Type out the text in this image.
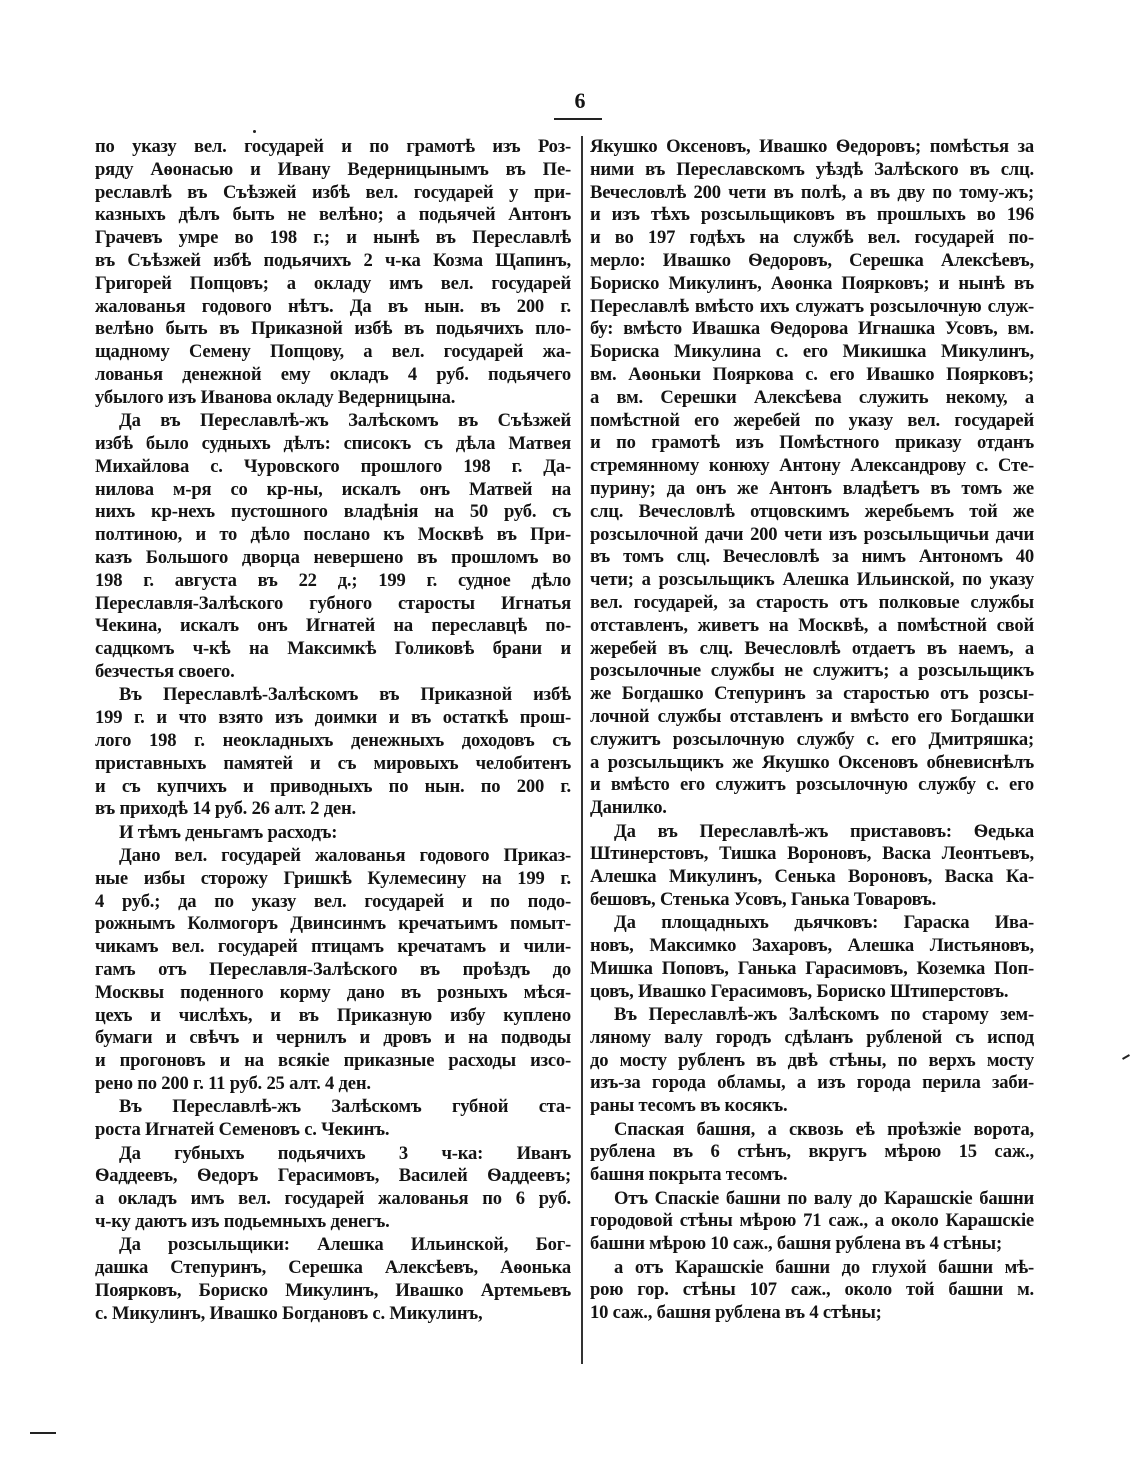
6
по указу вел. государей и по грамотѣ изъ Роз-
ряду Аѳонасью и Ивану Ведерницынымъ въ Пе-
реславлѣ въ Съѣзжей избѣ вел. государей у при-
казныхъ дѣлъ быть не велѣно; а подьячей Антонъ
Грачевъ умре во 198 г.; и нынѣ въ Переславлѣ
въ Съѣзжей избѣ подьячихъ 2 ч-ка Козма Щапинъ,
Григорей Попцовъ; а окладу имъ вел. государей
жалованья годового нѣтъ. Да въ нын. въ 200 г.
велѣно быть въ Приказной избѣ въ подьячихъ пло-
щадному Семену Попцову, а вел. государей жа-
лованья денежной ему окладъ 4 руб. подьячего
убылого изъ Иванова окладу Ведерницына.
Да въ Переславлѣ-жъ Залѣскомъ въ Съѣзжей
избѣ было судныхъ дѣлъ: списокъ съ дѣла Матвея
Михайлова с. Чуровского прошлого 198 г. Да-
нилова м-ря со кр-ны, искалъ онъ Матвей на
нихъ кр-нехъ пустошного владѣнія на 50 руб. съ
полтиною, и то дѣло послано къ Москвѣ въ При-
казъ Большого дворца невершено въ прошломъ во
198 г. августа въ 22 д.; 199 г. судное дѣло
Переславля-Залѣского губного старосты Игнатья
Чекина, искалъ онъ Игнатей на переславцѣ по-
садцкомъ ч-кѣ на Максимкѣ Голиковѣ брани и
безчестья своего.
Въ Переславлѣ-Залѣскомъ въ Приказной избѣ
199 г. и что взято изъ доимки и въ остаткѣ прош-
лого 198 г. неокладныхъ денежныхъ доходовъ съ
приставныхъ памятей и съ мировыхъ челобитенъ
и съ купчихъ и приводныхъ по нын. по 200 г.
въ приходѣ 14 руб. 26 алт. 2 ден.
И тѣмъ деньгамъ расходъ:
Дано вел. государей жалованья годового Приказ-
ные избы сторожу Гришкѣ Кулемесину на 199 г.
4 руб.; да по указу вел. государей и по подо-
рожнымъ Колмогоръ Двинсинмъ кречатьимъ помыт-
чикамъ вел. государей птицамъ кречатамъ и чили-
гамъ отъ Переславля-Залѣского въ проѣздъ до
Москвы поденного корму дано въ розныхъ мѣся-
цехъ и числѣхъ, и въ Приказную избу куплено
бумаги и свѣчъ и чернилъ и дровъ и на подводы
и прогоновъ и на всякіе приказные расходы изсо-
рено по 200 г. 11 руб. 25 алт. 4 ден.
Въ Переславлѣ-жъ Залѣскомъ губной ста-
роста Игнатей Семеновъ с. Чекинъ.
Да губныхъ подьячихъ 3 ч-ка: Иванъ
Ѳаддеевъ, Ѳедоръ Герасимовъ, Василей Ѳаддеевъ;
а окладъ имъ вел. государей жалованья по 6 руб.
ч-ку даютъ изъ подьемныхъ денегъ.
Да розсыльщики: Алешка Ильинской, Бог-
дашка Степуринъ, Серешка Алексѣевъ, Аѳонька
Поярковъ, Бориско Микулинъ, Ивашко Артемьевъ
с. Микулинъ, Ивашко Богдановъ с. Микулинъ,
Якушко Оксеновъ, Ивашко Ѳедоровъ; помѣстья за
ними въ Переславскомъ уѣздѣ Залѣского въ слц.
Вечесловлѣ 200 чети въ полѣ, а въ дву по тому-жъ;
и изъ тѣхъ розсыльщиковъ въ прошлыхъ во 196
и во 197 годѣхъ на службѣ вел. государей по-
мерло: Ивашко Ѳедоровъ, Серешка Алексѣевъ,
Бориско Микулинъ, Аѳонка Поярковъ; и нынѣ въ
Переславлѣ вмѣсто ихъ служатъ розсылочную служ-
бу: вмѣсто Ивашка Ѳедорова Игнашка Усовъ, вм.
Бориска Микулина с. его Микишка Микулинъ,
вм. Аѳоньки Пояркова с. его Ивашко Поярковъ;
а вм. Серешки Алексѣева служить некому, а
помѣстной его жеребей по указу вел. государей
и по грамотѣ изъ Помѣстного приказу отданъ
стремянному конюху Антону Александрову с. Сте-
пурину; да онъ же Антонъ владѣетъ въ томъ же
слц. Вечесловлѣ отцовскимъ жеребьемъ той же
розсылочной дачи 200 чети изъ розсыльщичьи дачи
въ томъ слц. Вечесловлѣ за нимъ Антономъ 40
чети; а розсыльщикъ Алешка Ильинской, по указу
вел. государей, за старость отъ полковые службы
отставленъ, живетъ на Москвѣ, а помѣстной свой
жеребей въ слц. Вечесловлѣ отдаетъ въ наемъ, а
розсылочные службы не служитъ; а розсыльщикъ
же Богдашко Степуринъ за старостью отъ розсы-
лочной службы отставленъ и вмѣсто его Богдашки
служитъ розсылочную службу с. его Дмитряшка;
а розсыльщикъ же Якушко Оксеновъ обневиснѣлъ
и вмѣсто его служитъ розсылочную службу с. его
Данилко.
Да въ Переславлѣ-жъ приставовъ: Ѳедька
Штинерстовъ, Тишка Вороновъ, Васка Леонтьевъ,
Алешка Микулинъ, Сенька Вороновъ, Васка Ка-
бешовъ, Стенька Усовъ, Ганька Товаровъ.
Да площадныхъ дьячковъ: Гараска Ива-
новъ, Максимко Захаровъ, Алешка Листьяновъ,
Мишка Поповъ, Ганька Гарасимовъ, Коземка Поп-
цовъ, Ивашко Герасимовъ, Бориско Штиперстовъ.
Въ Переславлѣ-жъ Залѣскомъ по старому зем-
ляному валу городъ сдѣланъ рубленой съ испод
до мосту рубленъ въ двѣ стѣны, по верхъ мосту
изъ-за города обламы, а изъ города перила заби-
раны тесомъ въ косякъ.
Спаская башня, а сквозь eѣ проѣзжіе ворота,
рублена въ 6 стѣнъ, вкругъ мѣрою 15 саж.,
башня покрыта тесомъ.
Отъ Спаскіе башни по валу до Карашскіе башни
городовой стѣны мѣрою 71 саж., а около Карашскіе
башни мѣрою 10 саж., башня рублена въ 4 стѣны;
а отъ Карашскіе башни до глухой башни мѣ-
рою гор. стѣны 107 саж., около той башни м.
10 саж., башня рублена въ 4 стѣны;
